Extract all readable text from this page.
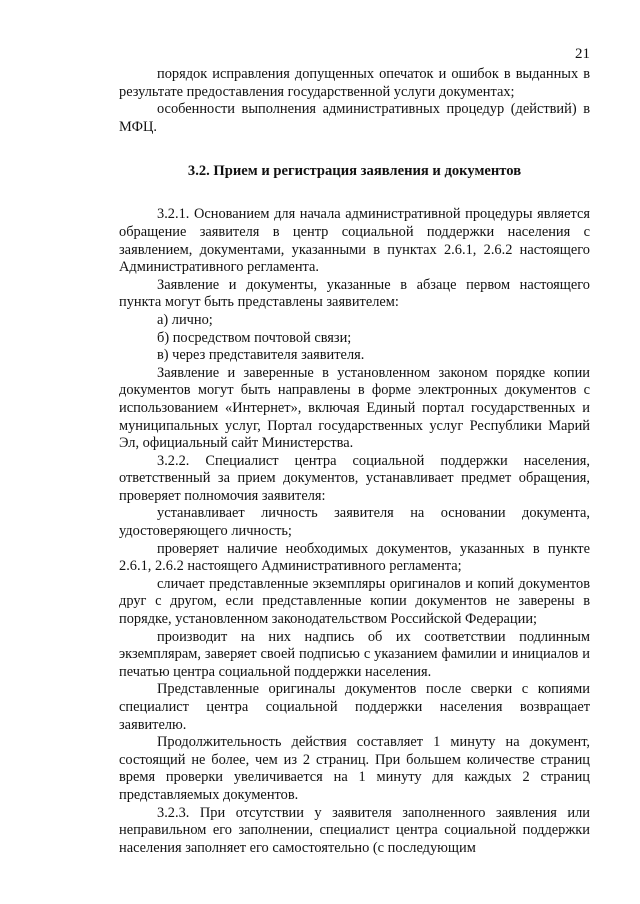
21

порядок исправления допущенных опечаток и ошибок в выданных в результате предоставления государственной услуги документах;

особенности выполнения административных процедур (действий) в МФЦ.

3.2. Прием и регистрация заявления и документов

3.2.1. Основанием для начала административной процедуры является обращение заявителя в центр социальной поддержки населения с заявлением, документами, указанными в пунктах 2.6.1, 2.6.2 настоящего Административного регламента.

Заявление и документы, указанные в абзаце первом настоящего пункта могут быть представлены заявителем:

а) лично;

б) посредством почтовой связи;

в) через представителя заявителя.

Заявление и заверенные в установленном законом порядке копии документов могут быть направлены в форме электронных документов с использованием «Интернет», включая Единый портал государственных и муниципальных услуг, Портал государственных услуг Республики Марий Эл, официальный сайт Министерства.

3.2.2. Специалист центра социальной поддержки населения, ответственный за прием документов, устанавливает предмет обращения, проверяет полномочия заявителя:

устанавливает личность заявителя на основании документа, удостоверяющего личность;

проверяет наличие необходимых документов, указанных в пункте 2.6.1, 2.6.2 настоящего Административного регламента;

сличает представленные экземпляры оригиналов и копий документов друг с другом, если представленные копии документов не заверены в порядке, установленном законодательством Российской Федерации;

производит на них надпись об их соответствии подлинным экземплярам, заверяет своей подписью с указанием фамилии и инициалов и печатью центра социальной поддержки населения.

Представленные оригиналы документов после сверки с копиями специалист центра социальной поддержки населения возвращает заявителю.

Продолжительность действия составляет 1 минуту на документ, состоящий не более, чем из 2 страниц. При большем количестве страниц время проверки увеличивается на 1 минуту для каждых 2 страниц представляемых документов.

3.2.3. При отсутствии у заявителя заполненного заявления или неправильном его заполнении, специалист центра социальной поддержки населения заполняет его самостоятельно (с последующим
